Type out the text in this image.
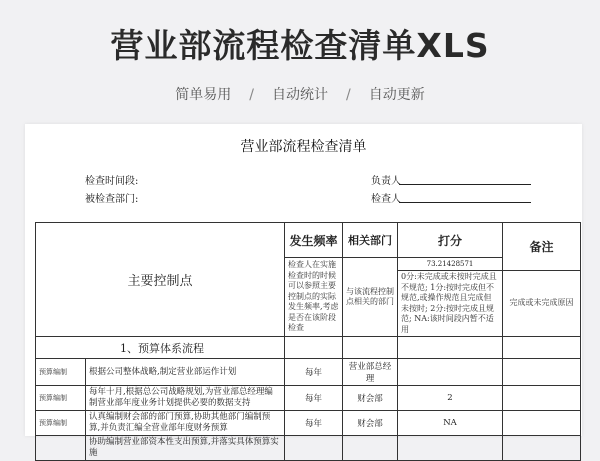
营业部流程检查清单XLS
简单易用 / 自动统计 / 自动更新
营业部流程检查清单
检查时间段:	负责人
被检查部门:	检查人
主要控制点		发生频率	相关部门	打分	备注
		检查人在实施检查时的时候可以参照主要控制点的实际发生频率,考虑是否在该阶段检查	与该流程控制点相关的部门	73.21428571	
				0分:未完成或未按时完成且不规范; 1分:按时完成但不规范,或操作规范且完成但未按时; 2分:按时完成且规范; NA:该时间段内暂不适用	完成或未完成原因
1、预算体系流程					
预算编制	根据公司整体战略,制定营业部运作计划	每年	营业部总经理		
预算编制	每年十月,根据总公司战略规划,为营业部总经理编制营业部年度业务计划提供必要的数据支持	每年	财会部	2	
预算编制	认真编制财会部的部门预算,协助其他部门编制预算,并负责汇编全营业部年度财务预算	每年	财会部	NA	
	协助编制营业部资本性支出预算,并落实具体预算实施				
